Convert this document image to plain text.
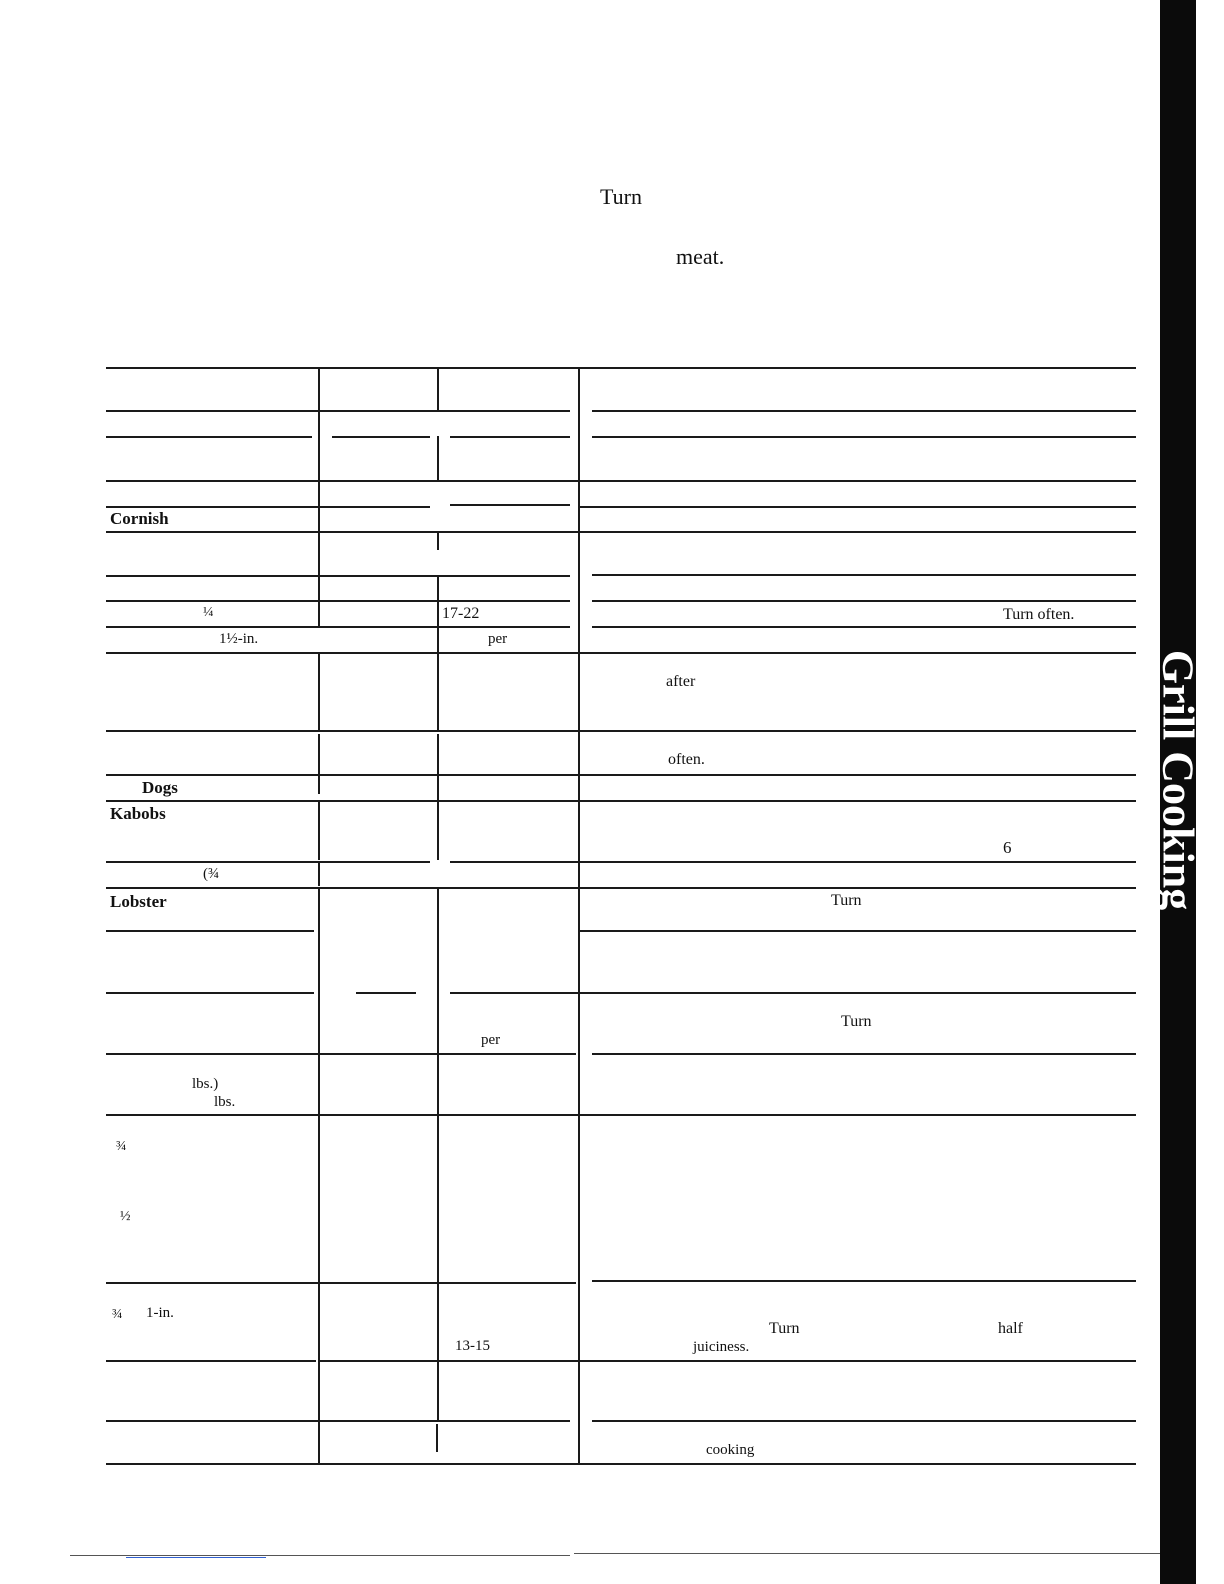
Turn
meat.
Cornish
¼
1½-in.
Dogs
Kabobs
(¾
Lobster
lbs.)
lbs.
¾
½
¾ 1-in.
17-22
per
per
13-15
Turn often.
after
often.
6
Turn
Turn
Turn	half
juiciness.
cooking
Grill Cooking
